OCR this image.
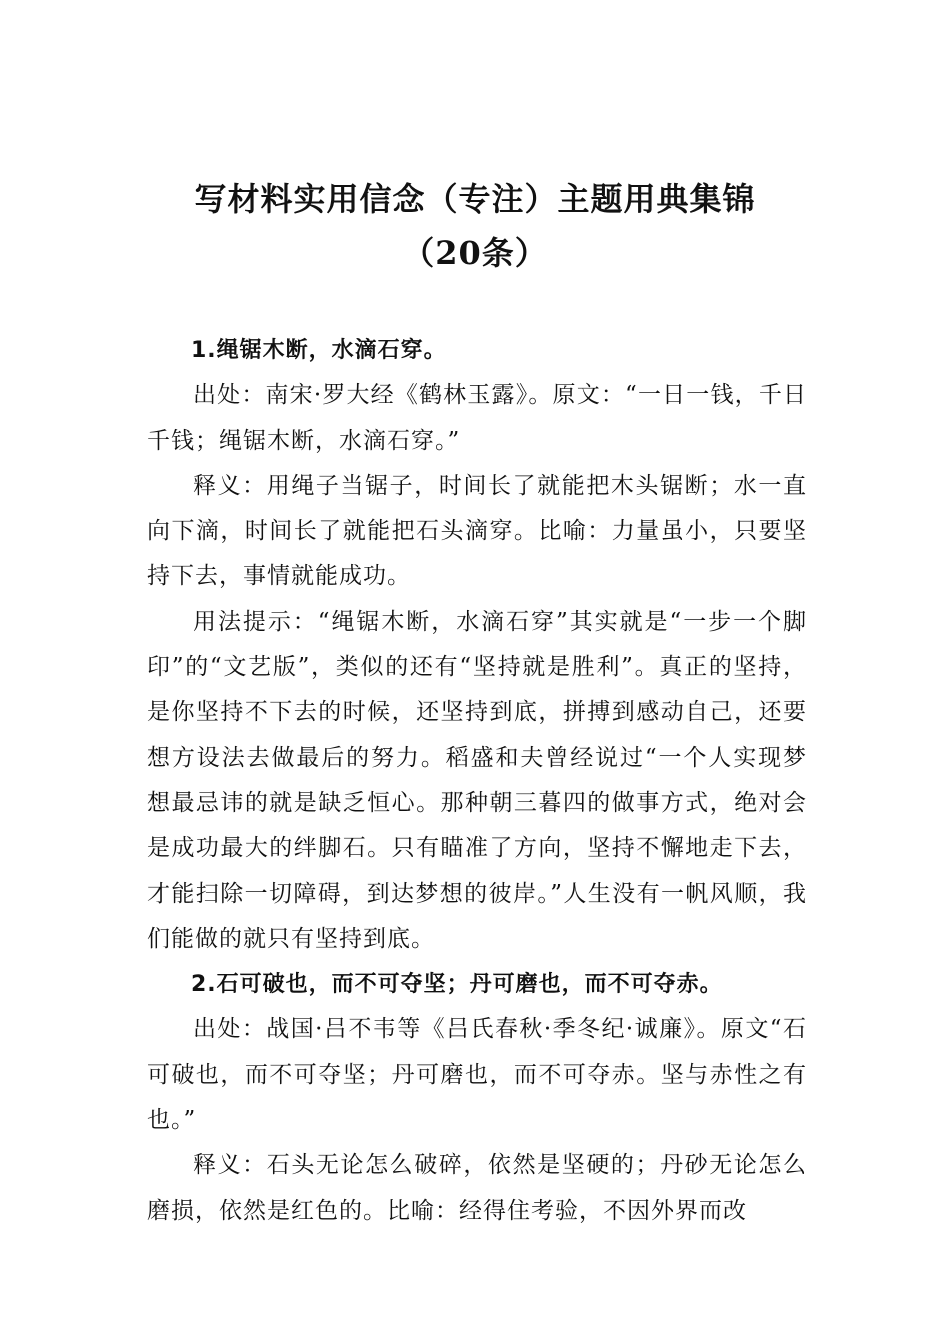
写材料实用信念（专注）主题用典集锦
（20条）

1.绳锯木断，水滴石穿。

出处：南宋·罗大经《鹤林玉露》。原文：“一日一钱，千日千钱；绳锯木断，水滴石穿。”

释义：用绳子当锯子，时间长了就能把木头锯断；水一直向下滴，时间长了就能把石头滴穿。比喻：力量虽小，只要坚持下去，事情就能成功。

用法提示：“绳锯木断，水滴石穿”其实就是“一步一个脚印”的“文艺版”，类似的还有“坚持就是胜利”。真正的坚持，是你坚持不下去的时候，还坚持到底，拼搏到感动自己，还要想方设法去做最后的努力。稻盛和夫曾经说过“一个人实现梦想最忌讳的就是缺乏恒心。那种朝三暮四的做事方式，绝对会是成功最大的绊脚石。只有瞄准了方向，坚持不懈地走下去，才能扫除一切障碍，到达梦想的彼岸。”人生没有一帆风顺，我们能做的就只有坚持到底。

2.石可破也，而不可夺坚；丹可磨也，而不可夺赤。

出处：战国·吕不韦等《吕氏春秋·季冬纪·诚廉》。原文“石可破也，而不可夺坚；丹可磨也，而不可夺赤。坚与赤性之有也。”

释义：石头无论怎么破碎，依然是坚硬的；丹砂无论怎么磨损，依然是红色的。比喻：经得住考验，不因外界而改
